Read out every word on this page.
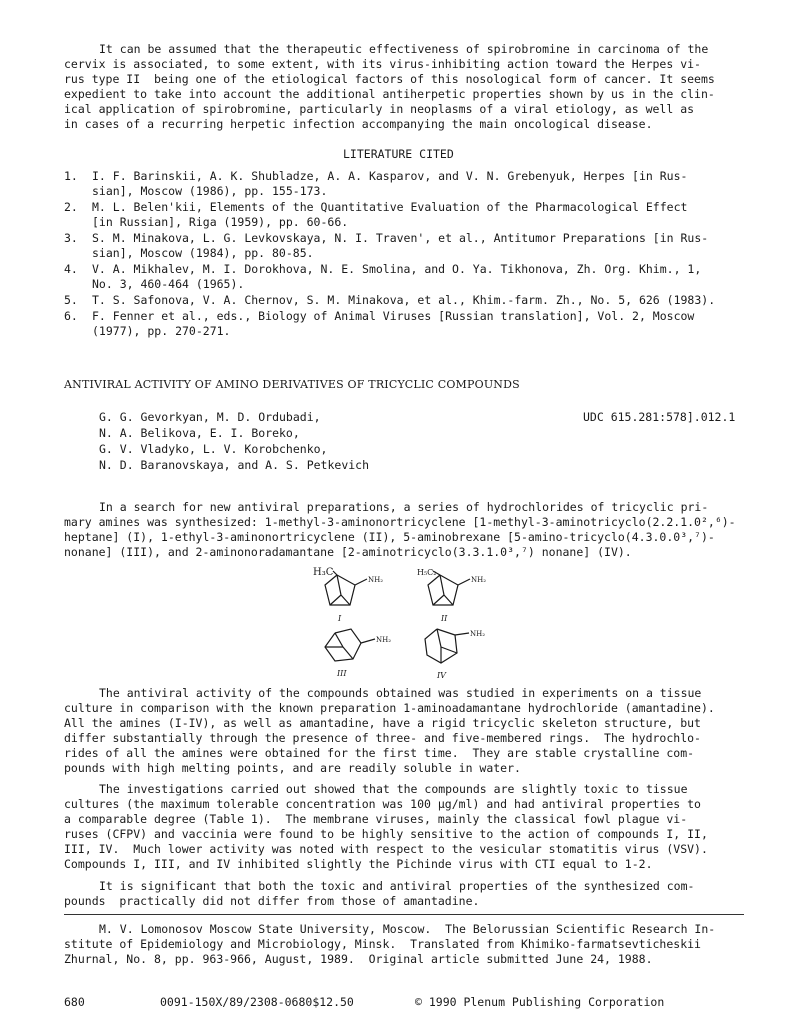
It can be assumed that the therapeutic effectiveness of spirobromine in carcinoma of the
cervix is associated, to some extent, with its virus-inhibiting action toward the Herpes vi-
rus type II  being one of the etiological factors of this nosological form of cancer. It seems
expedient to take into account the additional antiherpetic properties shown by us in the clin-
ical application of spirobromine, particularly in neoplasms of a viral etiology, as well as
in cases of a recurring herpetic infection accompanying the main oncological disease.
LITERATURE CITED
1. I. F. Barinskii, A. K. Shubladze, A. A. Kasparov, and V. N. Grebenyuk, Herpes [in Rus-
sian], Moscow (1986), pp. 155-173.
2. M. L. Belen'kii, Elements of the Quantitative Evaluation of the Pharmacological Effect
[in Russian], Riga (1959), pp. 60-66.
3. S. M. Minakova, L. G. Levkovskaya, N. I. Traven', et al., Antitumor Preparations [in Rus-
sian], Moscow (1984), pp. 80-85.
4. V. A. Mikhalev, M. I. Dorokhova, N. E. Smolina, and O. Ya. Tikhonova, Zh. Org. Khim., 1,
No. 3, 460-464 (1965).
5. T. S. Safonova, V. A. Chernov, S. M. Minakova, et al., Khim.-farm. Zh., No. 5, 626 (1983).
6. F. Fenner et al., eds., Biology of Animal Viruses [Russian translation], Vol. 2, Moscow
(1977), pp. 270-271.
ANTIVIRAL ACTIVITY OF AMINO DERIVATIVES OF TRICYCLIC COMPOUNDS
G. G. Gevorkyan, M. D. Ordubadi,
N. A. Belikova, E. I. Boreko,
G. V. Vladyko, L. V. Korobchenko,
N. D. Baranovskaya, and A. S. Petkevich
UDC 615.281:578].012.1
In a search for new antiviral preparations, a series of hydrochlorides of tricyclic pri-
mary amines was synthesized: 1-methyl-3-aminonortricyclene [1-methyl-3-aminotricyclo(2.2.1.0²,⁶)-
heptane] (I), 1-ethyl-3-aminonortricyclene (II), 5-aminobrexane [5-amino-tricyclo(4.3.0.0³,⁷)-
nonane] (III), and 2-aminonoradamantane [2-aminotricyclo(3.3.1.0³,⁷) nonane] (IV).
H₃C
NH₂
I
H₅C₂
NH₂
II
NH₂
III
NH₂
IV
The antiviral activity of the compounds obtained was studied in experiments on a tissue
culture in comparison with the known preparation 1-aminoadamantane hydrochloride (amantadine).
All the amines (I-IV), as well as amantadine, have a rigid tricyclic skeleton structure, but
differ substantially through the presence of three- and five-membered rings.  The hydrochlo-
rides of all the amines were obtained for the first time.  They are stable crystalline com-
pounds with high melting points, and are readily soluble in water.
The investigations carried out showed that the compounds are slightly toxic to tissue
cultures (the maximum tolerable concentration was 100 μg/ml) and had antiviral properties to
a comparable degree (Table 1).  The membrane viruses, mainly the classical fowl plague vi-
ruses (CFPV) and vaccinia were found to be highly sensitive to the action of compounds I, II,
III, IV.  Much lower activity was noted with respect to the vesicular stomatitis virus (VSV).
Compounds I, III, and IV inhibited slightly the Pichinde virus with CTI equal to 1-2.
It is significant that both the toxic and antiviral properties of the synthesized com-
pounds  practically did not differ from those of amantadine.
M. V. Lomonosov Moscow State University, Moscow.  The Belorussian Scientific Research In-
stitute of Epidemiology and Microbiology, Minsk.  Translated from Khimiko-farmatsevticheskii
Zhurnal, No. 8, pp. 963-966, August, 1989.  Original article submitted June 24, 1988.
680	0091-150X/89/2308-0680$12.50	© 1990 Plenum Publishing Corporation
